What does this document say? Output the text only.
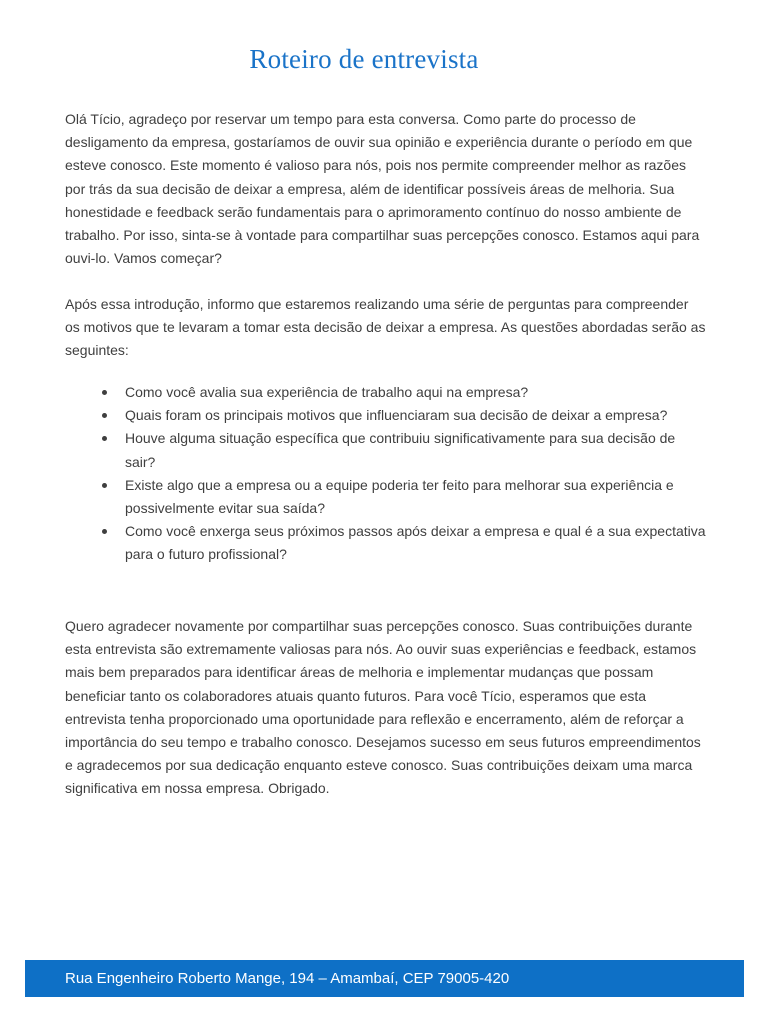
Roteiro de entrevista

Olá Tício, agradeço por reservar um tempo para esta conversa. Como parte do processo de desligamento da empresa, gostaríamos de ouvir sua opinião e experiência durante o período em que esteve conosco. Este momento é valioso para nós, pois nos permite compreender melhor as razões por trás da sua decisão de deixar a empresa, além de identificar possíveis áreas de melhoria. Sua honestidade e feedback serão fundamentais para o aprimoramento contínuo do nosso ambiente de trabalho. Por isso, sinta-se à vontade para compartilhar suas percepções conosco. Estamos aqui para ouvi-lo. Vamos começar?

Após essa introdução, informo que estaremos realizando uma série de perguntas para compreender os motivos que te levaram a tomar esta decisão de deixar a empresa. As questões abordadas serão as seguintes:

Como você avalia sua experiência de trabalho aqui na empresa?
Quais foram os principais motivos que influenciaram sua decisão de deixar a empresa?
Houve alguma situação específica que contribuiu significativamente para sua decisão de sair?
Existe algo que a empresa ou a equipe poderia ter feito para melhorar sua experiência e possivelmente evitar sua saída?
Como você enxerga seus próximos passos após deixar a empresa e qual é a sua expectativa para o futuro profissional?

Quero agradecer novamente por compartilhar suas percepções conosco. Suas contribuições durante esta entrevista são extremamente valiosas para nós. Ao ouvir suas experiências e feedback, estamos mais bem preparados para identificar áreas de melhoria e implementar mudanças que possam beneficiar tanto os colaboradores atuais quanto futuros. Para você Tício, esperamos que esta entrevista tenha proporcionado uma oportunidade para reflexão e encerramento, além de reforçar a importância do seu tempo e trabalho conosco. Desejamos sucesso em seus futuros empreendimentos e agradecemos por sua dedicação enquanto esteve conosco. Suas contribuições deixam uma marca significativa em nossa empresa. Obrigado.

Rua Engenheiro Roberto Mange, 194 – Amambaí, CEP 79005-420
